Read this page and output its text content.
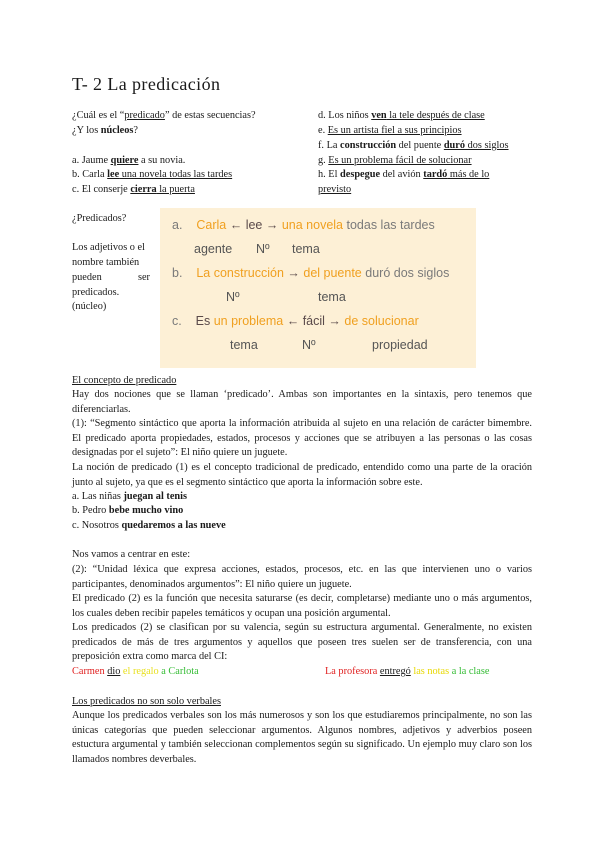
T- 2 La predicación
¿Cuál es el “predicado” de estas secuencias?
¿Y los núcleos?
a. Jaume quiere a su novia.
b. Carla lee una novela todas las tardes
c. El conserje cierra la puerta
d. Los niños ven la tele después de clase
e. Es un artista fiel a sus principios
f. La construcción del puente duró dos siglos
g. Es un problema fácil de solucionar
h. El despegue del avión tardó más de lo
previsto
¿Predicados?
Los adjetivos o el
nombre también
pueden	ser
predicados.
(núcleo)
a. Carla ← lee → una novela todas las tardes
agente Nº tema
b. La construcción → del puente duró dos siglos
Nº	tema
c. Es un problema ← fácil → de solucionar
tema	Nº	propiedad
El concepto de predicado
Hay dos nociones que se llaman ‘predicado’. Ambas son importantes en la sintaxis, pero tenemos que diferenciarlas.
(1): “Segmento sintáctico que aporta la información atribuida al sujeto en una relación de carácter bimembre. El predicado aporta propiedades, estados, procesos y acciones que se atribuyen a las personas o las cosas designadas por el sujeto”: El niño quiere un juguete.
La noción de predicado (1) es el concepto tradicional de predicado, entendido como una parte de la oración junto al sujeto, ya que es el segmento sintáctico que aporta la información sobre este.
a. Las niñas juegan al tenis
b. Pedro bebe mucho vino
c. Nosotros quedaremos a las nueve
Nos vamos a centrar en este:
(2): “Unidad léxica que expresa acciones, estados, procesos, etc. en las que intervienen uno o varios participantes, denominados argumentos”: El niño quiere un juguete.
El predicado (2) es la función que necesita saturarse (es decir, completarse) mediante uno o más argumentos, los cuales deben recibir papeles temáticos y ocupan una posición argumental.
Los predicados (2) se clasifican por su valencia, según su estructura argumental. Generalmente, no existen predicados de más de tres argumentos y aquellos que poseen tres suelen ser de transferencia, con una preposición extra como marca del CI:
Carmen dio el regalo a Carlota	La profesora entregó las notas a la clase
Los predicados no son solo verbales
Aunque los predicados verbales son los más numerosos y son los que estudiaremos principalmente, no son las únicas categorías que pueden seleccionar argumentos. Algunos nombres, adjetivos y adverbios poseen estuctura argumental y también seleccionan complementos según su significado. Un ejemplo muy claro son los llamados nombres deverbales.
